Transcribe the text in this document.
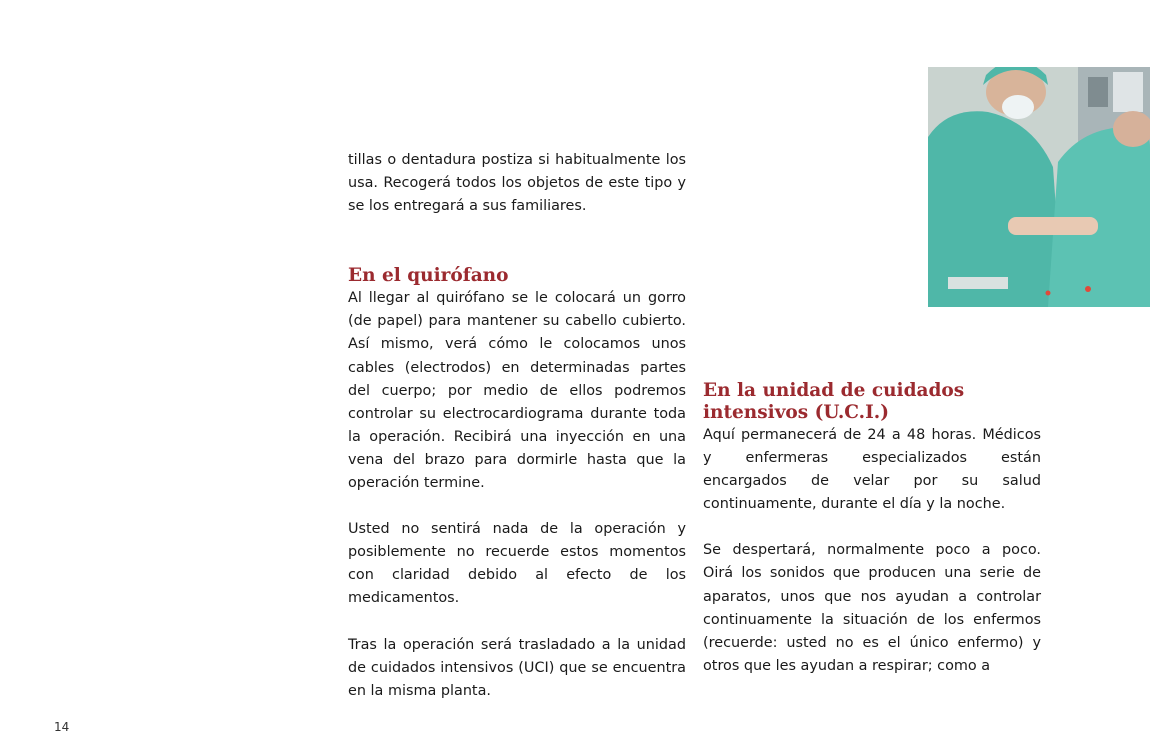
tillas o dentadura postiza si habitualmente los usa. Recogerá todos los objetos de este tipo y se los entregará a sus familiares.

En el quirófano

Al llegar al quirófano se le colocará un gorro (de papel) para mantener su cabello cubierto. Así mismo, verá cómo le colocamos unos cables (electrodos) en determinadas partes del cuerpo; por medio de ellos podremos controlar su electrocardiograma durante toda la operación. Recibirá una inyección en una vena del brazo para dormirle hasta que la operación termine.

Usted no sentirá nada de la operación y posiblemente no recuerde estos momentos con claridad debido al efecto de los medicamentos.

Tras la operación será trasladado a la unidad de cuidados intensivos (UCI) que se encuentra en la misma planta.

En la unidad de cuidados intensivos (U.C.I.)

Aquí permanecerá de 24 a 48 horas. Médicos y enfermeras especializados están encargados de velar por su salud continuamente, durante el día y la noche.

Se despertará, normalmente poco a poco. Oirá los sonidos que producen una serie de aparatos, unos que nos ayudan a controlar continuamente la situación de los enfermos (recuerde: usted no es el único enfermo) y otros que les ayudan a respirar; como a

14
